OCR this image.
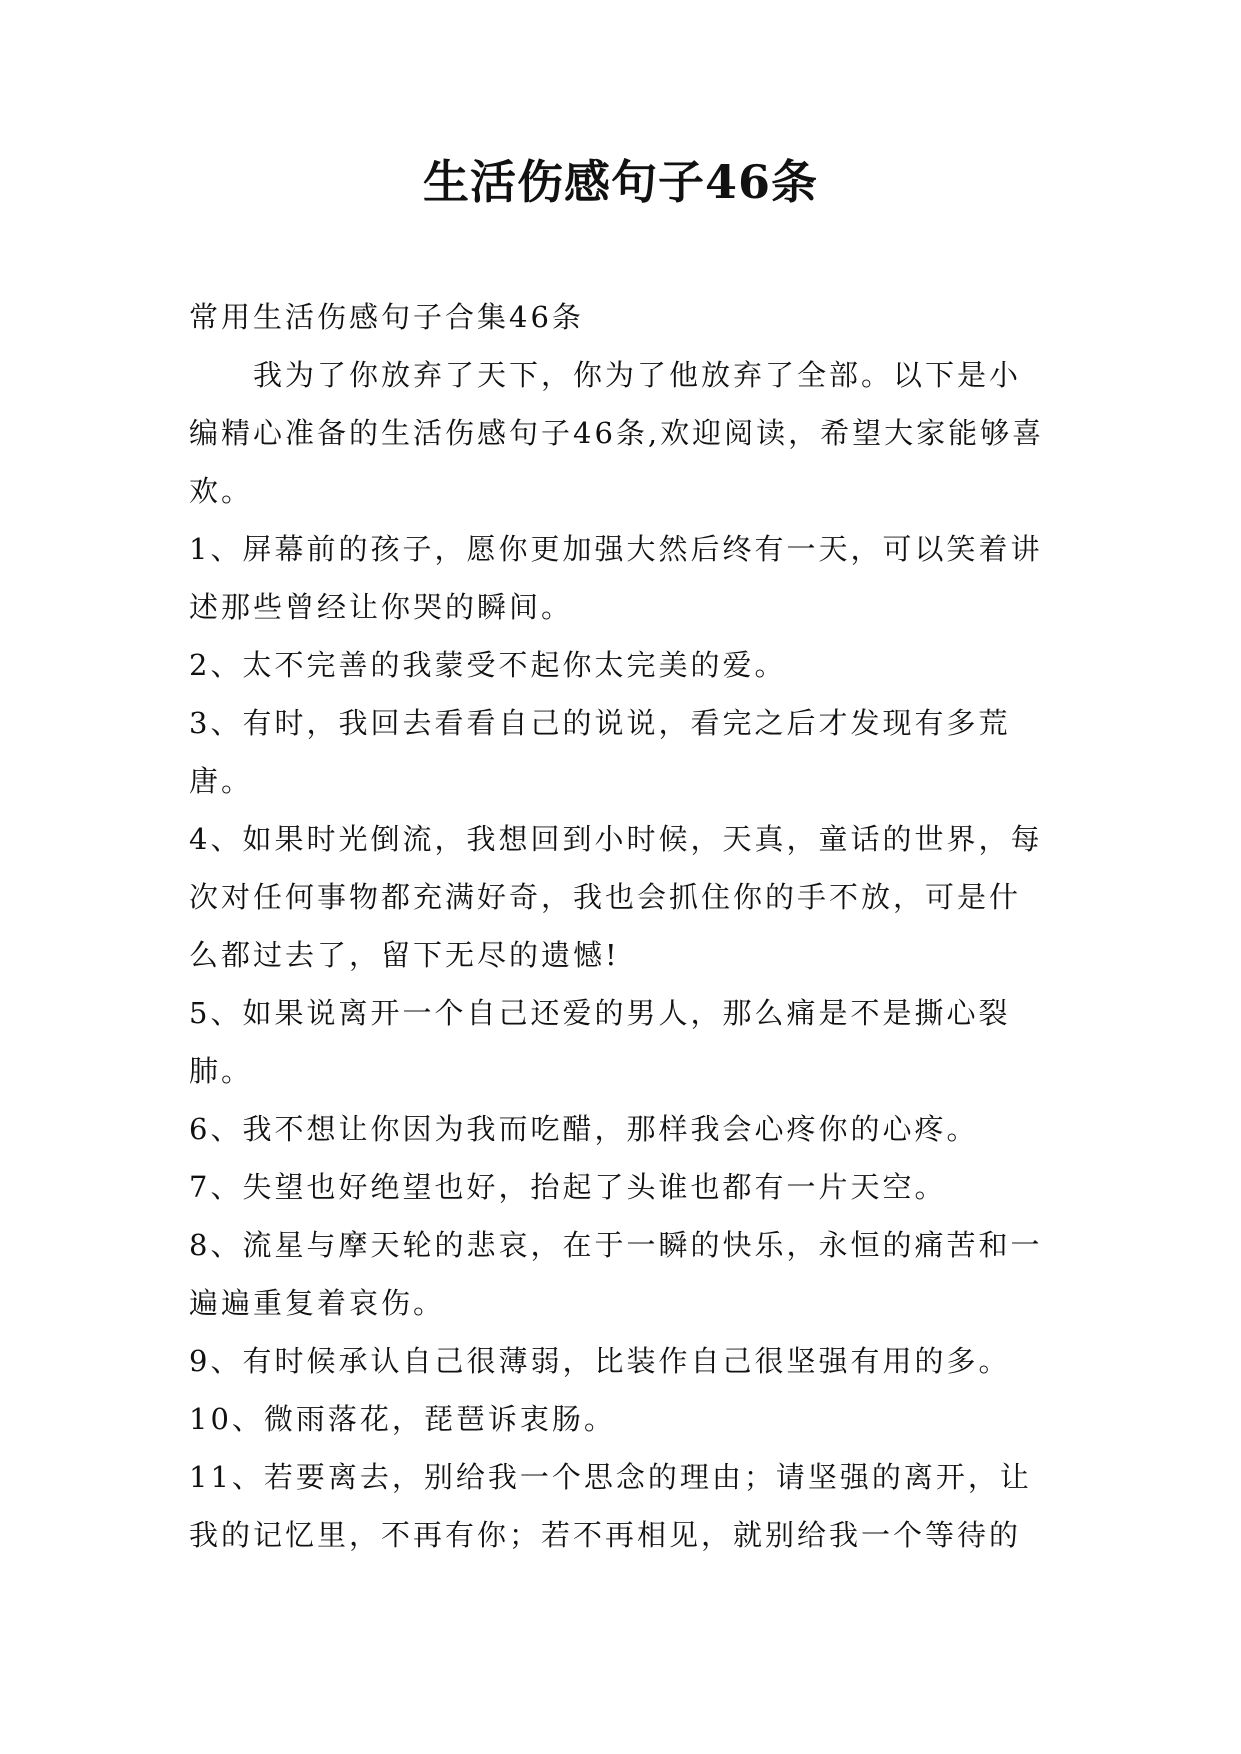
生活伤感句子46条

常用生活伤感句子合集46条

我为了你放弃了天下，你为了他放弃了全部。以下是小编精心准备的生活伤感句子46条,欢迎阅读，希望大家能够喜欢。

1、屏幕前的孩子，愿你更加强大然后终有一天，可以笑着讲述那些曾经让你哭的瞬间。

2、太不完善的我蒙受不起你太完美的爱。

3、有时，我回去看看自己的说说，看完之后才发现有多荒唐。

4、如果时光倒流，我想回到小时候，天真，童话的世界，每次对任何事物都充满好奇，我也会抓住你的手不放，可是什么都过去了，留下无尽的遗憾!

5、如果说离开一个自己还爱的男人，那么痛是不是撕心裂肺。

6、我不想让你因为我而吃醋，那样我会心疼你的心疼。

7、失望也好绝望也好，抬起了头谁也都有一片天空。

8、流星与摩天轮的悲哀，在于一瞬的快乐，永恒的痛苦和一遍遍重复着哀伤。

9、有时候承认自己很薄弱，比装作自己很坚强有用的多。

10、微雨落花，琵琶诉衷肠。

11、若要离去，别给我一个思念的理由；请坚强的离开，让我的记忆里，不再有你；若不再相见，就别给我一个等待的
